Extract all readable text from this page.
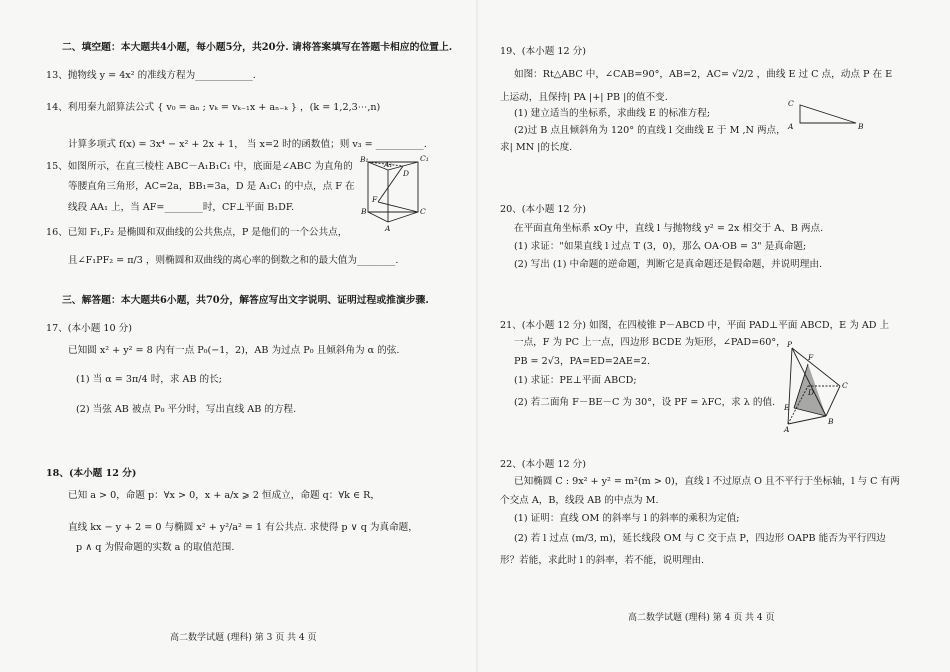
二、填空题：本大题共4小题，每小题5分，共20分. 请将答案填写在答题卡相应的位置上.
13、抛物线 y = 4x² 的准线方程为____________.
14、利用秦九韶算法公式 { v₀ = aₙ ; vₖ = vₖ₋₁x + aₙ₋ₖ } ，(k = 1,2,3⋯,n)
计算多项式 f(x) = 3x⁴ − x² + 2x + 1， 当 x=2 时的函数值；则 v₃ = __________.
15、如图所示，在直三棱柱 ABC－A₁B₁C₁ 中，底面是∠ABC 为直角的
等腰直角三角形，AC=2a，BB₁=3a，D 是 A₁C₁ 的中点，点 F 在
线段 AA₁ 上，当 AF=________时，CF⊥平面 B₁DF.
B₁	C₁
D
A₁
F
B	C
A
16、已知 F₁,F₂ 是椭圆和双曲线的公共焦点，P 是他们的一个公共点，
且∠F₁PF₂ = π/3 ，则椭圆和双曲线的离心率的倒数之和的最大值为________.
三、解答题：本大题共6小题，共70分，解答应写出文字说明、证明过程或推演步骤.
17、(本小题 10 分)
已知圆 x² + y² = 8 内有一点 P₀(−1，2)，AB 为过点 P₀ 且倾斜角为 α 的弦.
(1) 当 α = 3π/4 时，求 AB 的长;
(2) 当弦 AB 被点 P₀ 平分时，写出直线 AB 的方程.
18、(本小题 12 分)
已知 a > 0，命题 p：∀x > 0，x + a/x ⩾ 2 恒成立，命题 q：∀k ∈ R，
直线 kx − y + 2 = 0 与椭圆 x² + y²/a² = 1 有公共点. 求使得 p ∨ q 为真命题，
p ∧ q 为假命题的实数 a 的取值范围.
高二数学试题 (理科) 第 3 页 共 4 页
19、(本小题 12 分)
如图：Rt△ABC 中，∠CAB=90°，AB=2，AC= √2/2 ，曲线 E 过 C 点，动点 P 在 E
上运动，且保持| PA |+| PB |的值不变.
(1) 建立适当的坐标系，求曲线 E 的标准方程;
(2)过 B 点且倾斜角为 120° 的直线 l 交曲线 E 于 M ,N 两点，
求| MN |的长度.
C
A	B
20、(本小题 12 分)
在平面直角坐标系 xOy 中，直线 l 与抛物线 y² = 2x 相交于 A、B 两点.
(1) 求证："如果直线 l 过点 T (3，0)，那么 OA·OB = 3" 是真命题;
(2) 写出 (1) 中命题的逆命题，判断它是真命题还是假命题，并说明理由.
21、(本小题 12 分) 如图，在四棱锥 P－ABCD 中，平面 PAD⊥平面 ABCD，E 为 AD 上
一点，F 为 PC 上一点，四边形 BCDE 为矩形，∠PAD=60°，
PB = 2√3，PA=ED=2AE=2.
(1) 求证：PE⊥平面 ABCD;
(2) 若二面角 F－BE－C 为 30°，设 PF = λFC，求 λ 的值.
P
F
C
D
E
B
A
22、(本小题 12 分)
已知椭圆 C : 9x² + y² = m²(m > 0)，直线 l 不过原点 O 且不平行于坐标轴，l 与 C 有两
个交点 A，B，线段 AB 的中点为 M.
(1) 证明：直线 OM 的斜率与 l 的斜率的乘积为定值;
(2) 若 l 过点 (m/3, m)，延长线段 OM 与 C 交于点 P，四边形 OAPB 能否为平行四边
形？若能，求此时 l 的斜率，若不能，说明理由.
高二数学试题 (理科) 第 4 页 共 4 页
